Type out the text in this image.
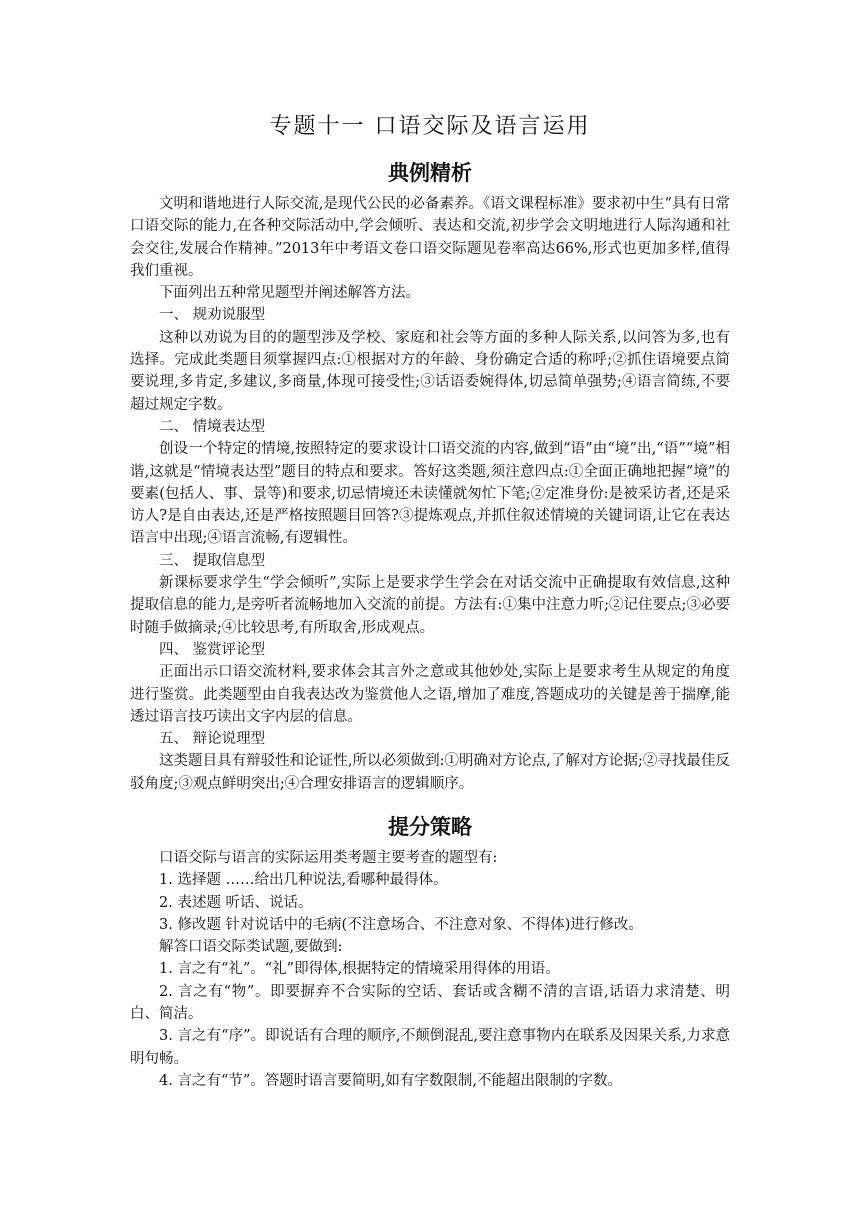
专题十一 口语交际及语言运用
典例精析

文明和谐地进行人际交流,是现代公民的必备素养。《语文课程标准》要求初中生“具有日常口语交际的能力,在各种交际活动中,学会倾听、表达和交流,初步学会文明地进行人际沟通和社会交往,发展合作精神。”2013年中考语文卷口语交际题见卷率高达66%,形式也更加多样,值得我们重视。

下面列出五种常见题型并阐述解答方法。

一、 规劝说服型

这种以劝说为目的的题型涉及学校、家庭和社会等方面的多种人际关系,以问答为多,也有选择。完成此类题目须掌握四点:①根据对方的年龄、身份确定合适的称呼;②抓住语境要点简要说理,多肯定,多建议,多商量,体现可接受性;③话语委婉得体,切忌简单强势;④语言简练,不要超过规定字数。

二、 情境表达型

创设一个特定的情境,按照特定的要求设计口语交流的内容,做到“语”由“境”出,“语”“境”相谐,这就是“情境表达型”题目的特点和要求。答好这类题,须注意四点:①全面正确地把握“境”的要素(包括人、事、景等)和要求,切忌情境还未读懂就匆忙下笔;②定准身份:是被采访者,还是采访人?是自由表达,还是严格按照题目回答?③提炼观点,并抓住叙述情境的关键词语,让它在表达语言中出现;④语言流畅,有逻辑性。

三、 提取信息型

新课标要求学生“学会倾听”,实际上是要求学生学会在对话交流中正确提取有效信息,这种提取信息的能力,是旁听者流畅地加入交流的前提。方法有:①集中注意力听;②记住要点;③必要时随手做摘录;④比较思考,有所取舍,形成观点。

四、 鉴赏评论型

正面出示口语交流材料,要求体会其言外之意或其他妙处,实际上是要求考生从规定的角度进行鉴赏。此类题型由自我表达改为鉴赏他人之语,增加了难度,答题成功的关键是善于揣摩,能透过语言技巧读出文字内层的信息。

五、 辩论说理型

这类题目具有辩驳性和论证性,所以必须做到:①明确对方论点,了解对方论据;②寻找最佳反驳角度;③观点鲜明突出;④合理安排语言的逻辑顺序。

提分策略

口语交际与语言的实际运用类考题主要考查的题型有:

1. 选择题 ……给出几种说法,看哪种最得体。

2. 表述题 听话、说话。

3. 修改题 针对说话中的毛病(不注意场合、不注意对象、不得体)进行修改。

解答口语交际类试题,要做到:

1. 言之有“礼”。“礼”即得体,根据特定的情境采用得体的用语。

2. 言之有“物”。即要摒弃不合实际的空话、套话或含糊不清的言语,话语力求清楚、明白、简洁。

3. 言之有“序”。即说话有合理的顺序,不颠倒混乱,要注意事物内在联系及因果关系,力求意明句畅。

4. 言之有“节”。答题时语言要简明,如有字数限制,不能超出限制的字数。
